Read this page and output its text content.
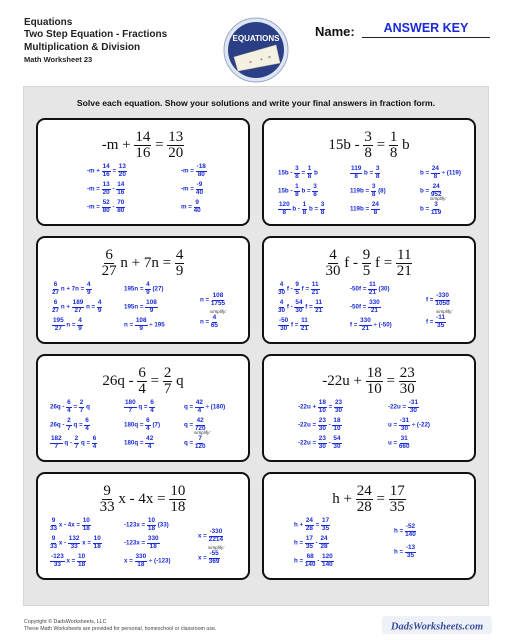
Equations
Two Step Equation - Fractions
Multiplication & Division
Math Worksheet 23	= + ×
EQUATIONS	Name:	ANSWER KEY
Solve each equation. Show your solutions and write your final answers in fraction form.
Copyright © DadsWorksheets, LLC
These Math Worksheets are provided for personal, homeschool or classroom use.	DadsWorksheets.com
$-m + \frac{14}{16} = \frac{13}{20}$
$-m + \frac{14}{16} = \frac{13}{20}$
$-m = \frac{13}{20} - \frac{14}{16}$
$-m = \frac{52}{80} - \frac{70}{80}$
$-m = \frac{-18}{80}$
$-m = \frac{-9}{40}$
$m = \frac{9}{40}$
$15b - \frac{3}{8} = \frac{1}{8}$ b
$15b - \frac{3}{8} = \frac{1}{8}$ b
$15b - \frac{1}{8}$ $b = \frac{3}{8}$
$\frac{120}{8}$ b - $\frac{1}{8}$ $b = \frac{3}{8}$
$\frac{119}{8}$ $b = \frac{3}{8}$
$119b = \frac{3}{8} (8)$
$119b = \frac{24}{8}$
$b = \frac{24}{8} \div (119)$
$b = \frac{24}{952}$
$b = \frac{3}{119}$
simplify:
$\frac{6}{27}$ $n + 7n = \frac{4}{9}$
$\frac{6}{27}$ $n + 7n = \frac{4}{9}$
$\frac{6}{27}$ $n + \frac{189}{27}$ $n = \frac{4}{9}$
$\frac{195}{27}$ $n = \frac{4}{9}$
$195n = \frac{4}{9} (27)$
$195n = \frac{108}{9}$
$n = \frac{108}{9} \div 195$
$n = \frac{108}{1755}$
$n = \frac{4}{65}$
simplify:
$\frac{4}{30}$ f - $\frac{9}{5}$ $f = \frac{11}{21}$
$\frac{4}{30}$ f - $\frac{9}{5}$ $f = \frac{11}{21}$
$\frac{4}{30}$ f - $\frac{54}{30}$ $f = \frac{11}{21}$
$\frac{-50}{30}$ $f = \frac{11}{21}$
$-50f = \frac{11}{21} (30)$
$-50f = \frac{330}{21}$
$f = \frac{330}{21} \div (-50)$
$f = \frac{-330}{1050}$
$f = \frac{-11}{35}$
simplify:
$26q - \frac{6}{4} = \frac{2}{7}$ q
$26q - \frac{6}{4} = \frac{2}{7}$ q
$26q - \frac{2}{7}$ $q = \frac{6}{4}$
$\frac{182}{7}$ q - $\frac{2}{7}$ $q = \frac{6}{4}$
$\frac{180}{7}$ $q = \frac{6}{4}$
$180q = \frac{6}{4} (7)$
$180q = \frac{42}{4}$
$q = \frac{42}{4} \div (180)$
$q = \frac{42}{720}$
$q = \frac{7}{120}$
simplify:
$-22u + \frac{18}{10} = \frac{23}{30}$
$-22u + \frac{18}{10} = \frac{23}{30}$
$-22u = \frac{23}{30} - \frac{18}{10}$
$-22u = \frac{23}{30} - \frac{54}{30}$
$-22u = \frac{-31}{30}$
$u = \frac{-31}{30} \div (-22)$
$u = \frac{31}{660}$
$\frac{9}{33}$ $x - 4x = \frac{10}{18}$
$\frac{9}{33}$ $x - 4x = \frac{10}{18}$
$\frac{9}{33}$ x - $\frac{132}{33}$ $x = \frac{10}{18}$
$\frac{-123}{33}$ $x = \frac{10}{18}$
$-123x = \frac{10}{18} (33)$
$-123x = \frac{330}{18}$
$x = \frac{330}{18} \div (-123)$
$x = \frac{-330}{2214}$
$x = \frac{-55}{369}$
simplify:
$h + \frac{24}{28} = \frac{17}{35}$
$h + \frac{24}{28} = \frac{17}{35}$
$h = \frac{17}{35} - \frac{24}{28}$
$h = \frac{68}{140} - \frac{120}{140}$
$h = \frac{-52}{140}$
$h = \frac{-13}{35}$
